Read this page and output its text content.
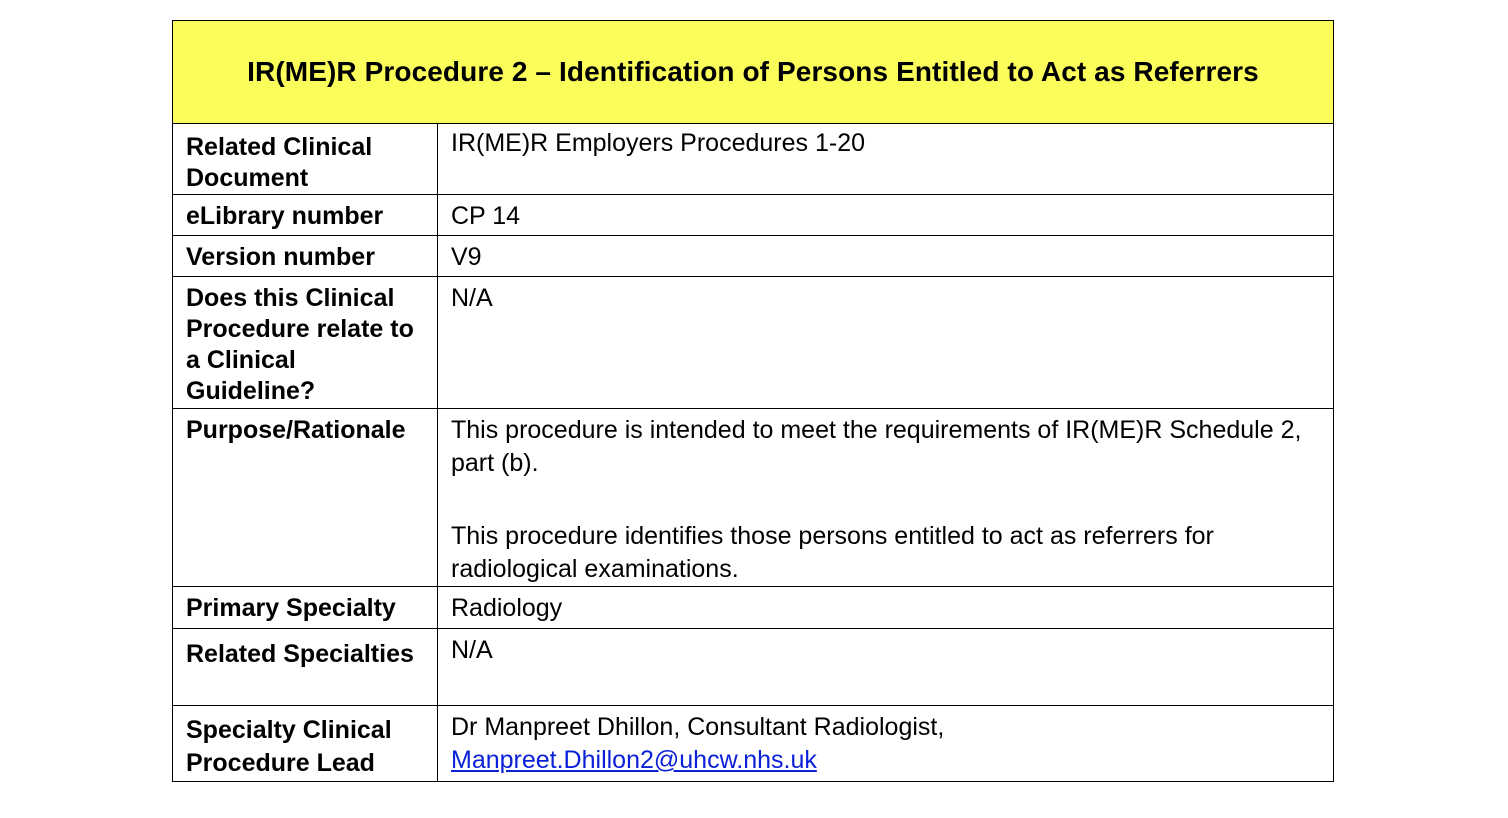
IR(ME)R Procedure 2 – Identification of Persons Entitled to Act as Referrers	
Related Clinical Document	IR(ME)R Employers Procedures 1-20
eLibrary number	CP 14
Version number	V9
Does this Clinical Procedure relate to a Clinical Guideline?	N/A
Purpose/Rationale	This procedure is intended to meet the requirements of IR(ME)R Schedule 2, part (b).
This procedure identifies those persons entitled to act as referrers for radiological examinations.

Primary Specialty	Radiology
Related Specialties	N/A
Specialty Clinical Procedure Lead	Dr Manpreet Dhillon, Consultant Radiologist,
Manpreet.Dhillon2@uhcw.nhs.uk
